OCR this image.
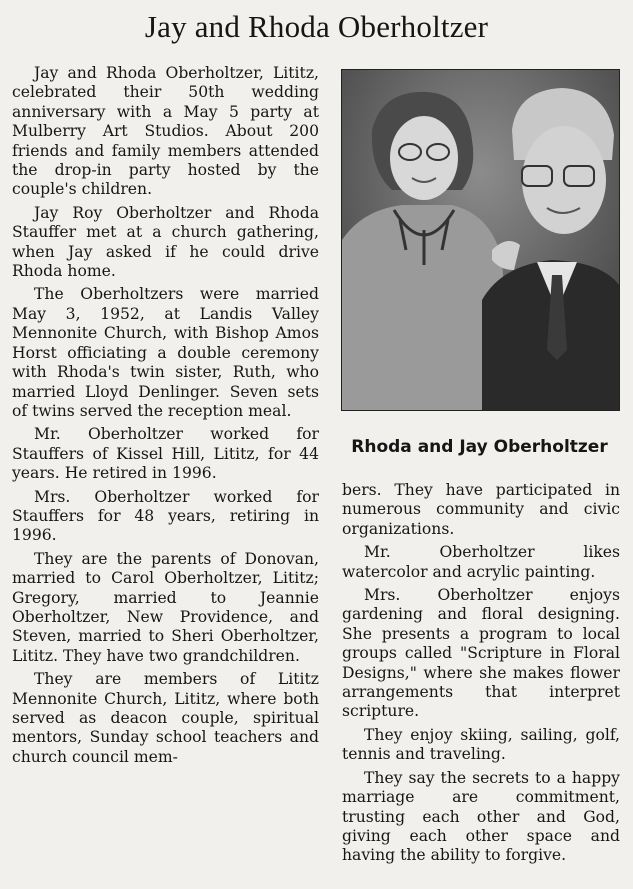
Jay and Rhoda Oberholtzer

Jay and Rhoda Oberholtzer, Lititz, celebrated their 50th wedding anniversary with a May 5 party at Mulberry Art Studios. About 200 friends and family members attended the drop-in party hosted by the couple's children.

Jay Roy Oberholtzer and Rhoda Stauffer met at a church gathering, when Jay asked if he could drive Rhoda home.

The Oberholtzers were married May 3, 1952, at Landis Valley Mennonite Church, with Bishop Amos Horst officiating a double ceremony with Rhoda's twin sister, Ruth, who married Lloyd Denlinger. Seven sets of twins served the reception meal.

Mr. Oberholtzer worked for Stauffers of Kissel Hill, Lititz, for 44 years. He retired in 1996.

Mrs. Oberholtzer worked for Stauffers for 48 years, retiring in 1996.

They are the parents of Donovan, married to Carol Oberholtzer, Lititz; Gregory, married to Jeannie Oberholtzer, New Providence, and Steven, married to Sheri Oberholtzer, Lititz. They have two grandchildren.

They are members of Lititz Mennonite Church, Lititz, where both served as deacon couple, spiritual mentors, Sunday school teachers and church council mem-

Rhoda and Jay Oberholtzer

bers. They have participated in numerous community and civic organizations.

Mr. Oberholtzer likes watercolor and acrylic painting.

Mrs. Oberholtzer enjoys gardening and floral designing. She presents a program to local groups called "Scripture in Floral Designs," where she makes flower arrangements that interpret scripture.

They enjoy skiing, sailing, golf, tennis and traveling.

They say the secrets to a happy marriage are commitment, trusting each other and God, giving each other space and having the ability to forgive.
